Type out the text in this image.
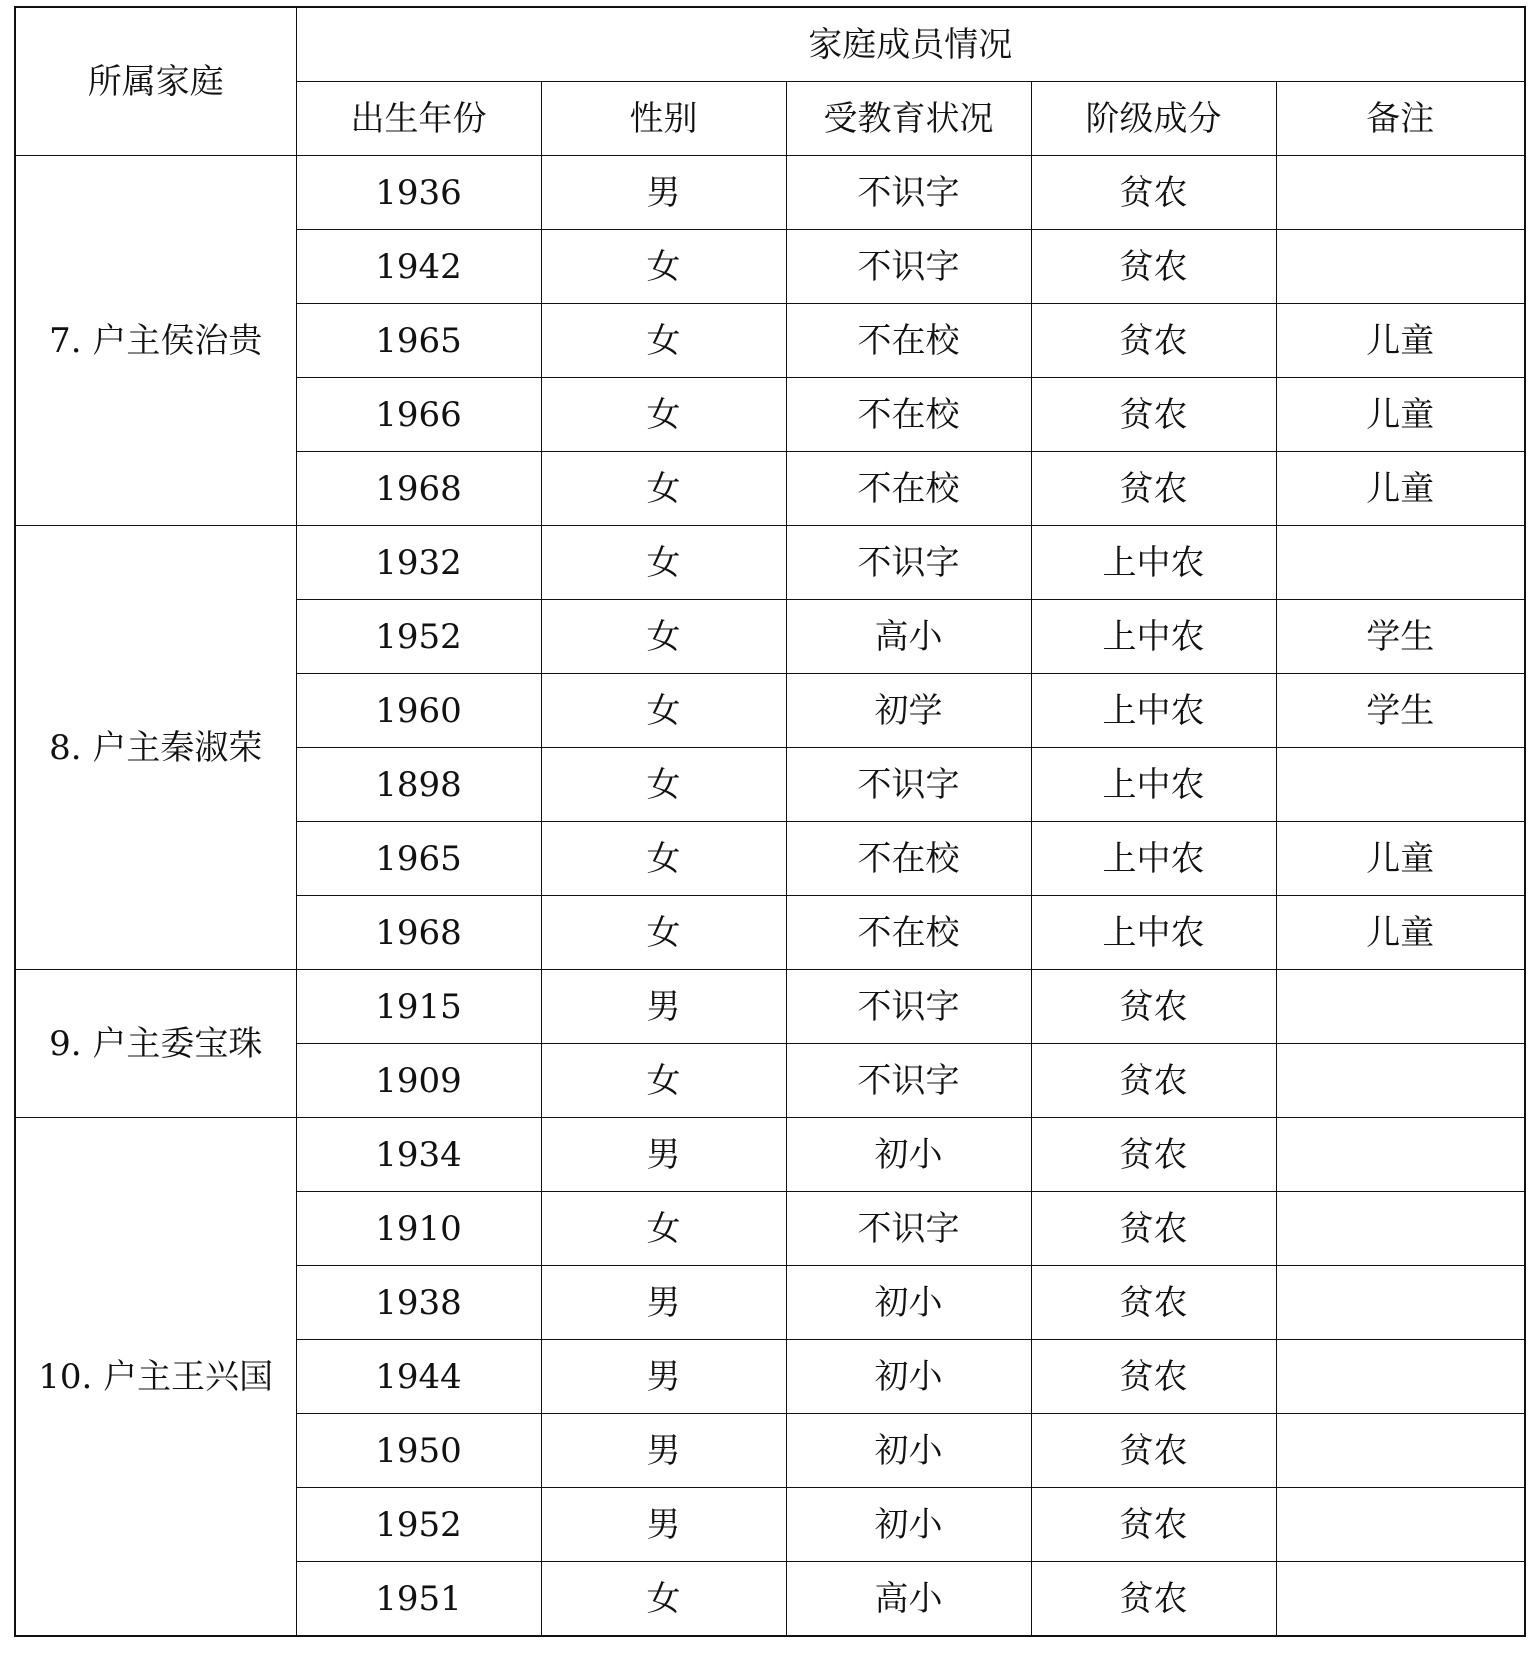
所属家庭	家庭成员情况				
	出生年份	性别	受教育状况	阶级成分	备注
7. 户主侯治贵	1936	男	不识字	贫农	
	1942	女	不识字	贫农	
	1965	女	不在校	贫农	儿童
	1966	女	不在校	贫农	儿童
	1968	女	不在校	贫农	儿童
8. 户主秦淑荣	1932	女	不识字	上中农	
	1952	女	高小	上中农	学生
	1960	女	初学	上中农	学生
	1898	女	不识字	上中农	
	1965	女	不在校	上中农	儿童
	1968	女	不在校	上中农	儿童
9. 户主委宝珠	1915	男	不识字	贫农	
	1909	女	不识字	贫农	
10. 户主王兴国	1934	男	初小	贫农	
	1910	女	不识字	贫农	
	1938	男	初小	贫农	
	1944	男	初小	贫农	
	1950	男	初小	贫农	
	1952	男	初小	贫农	
	1951	女	高小	贫农	
